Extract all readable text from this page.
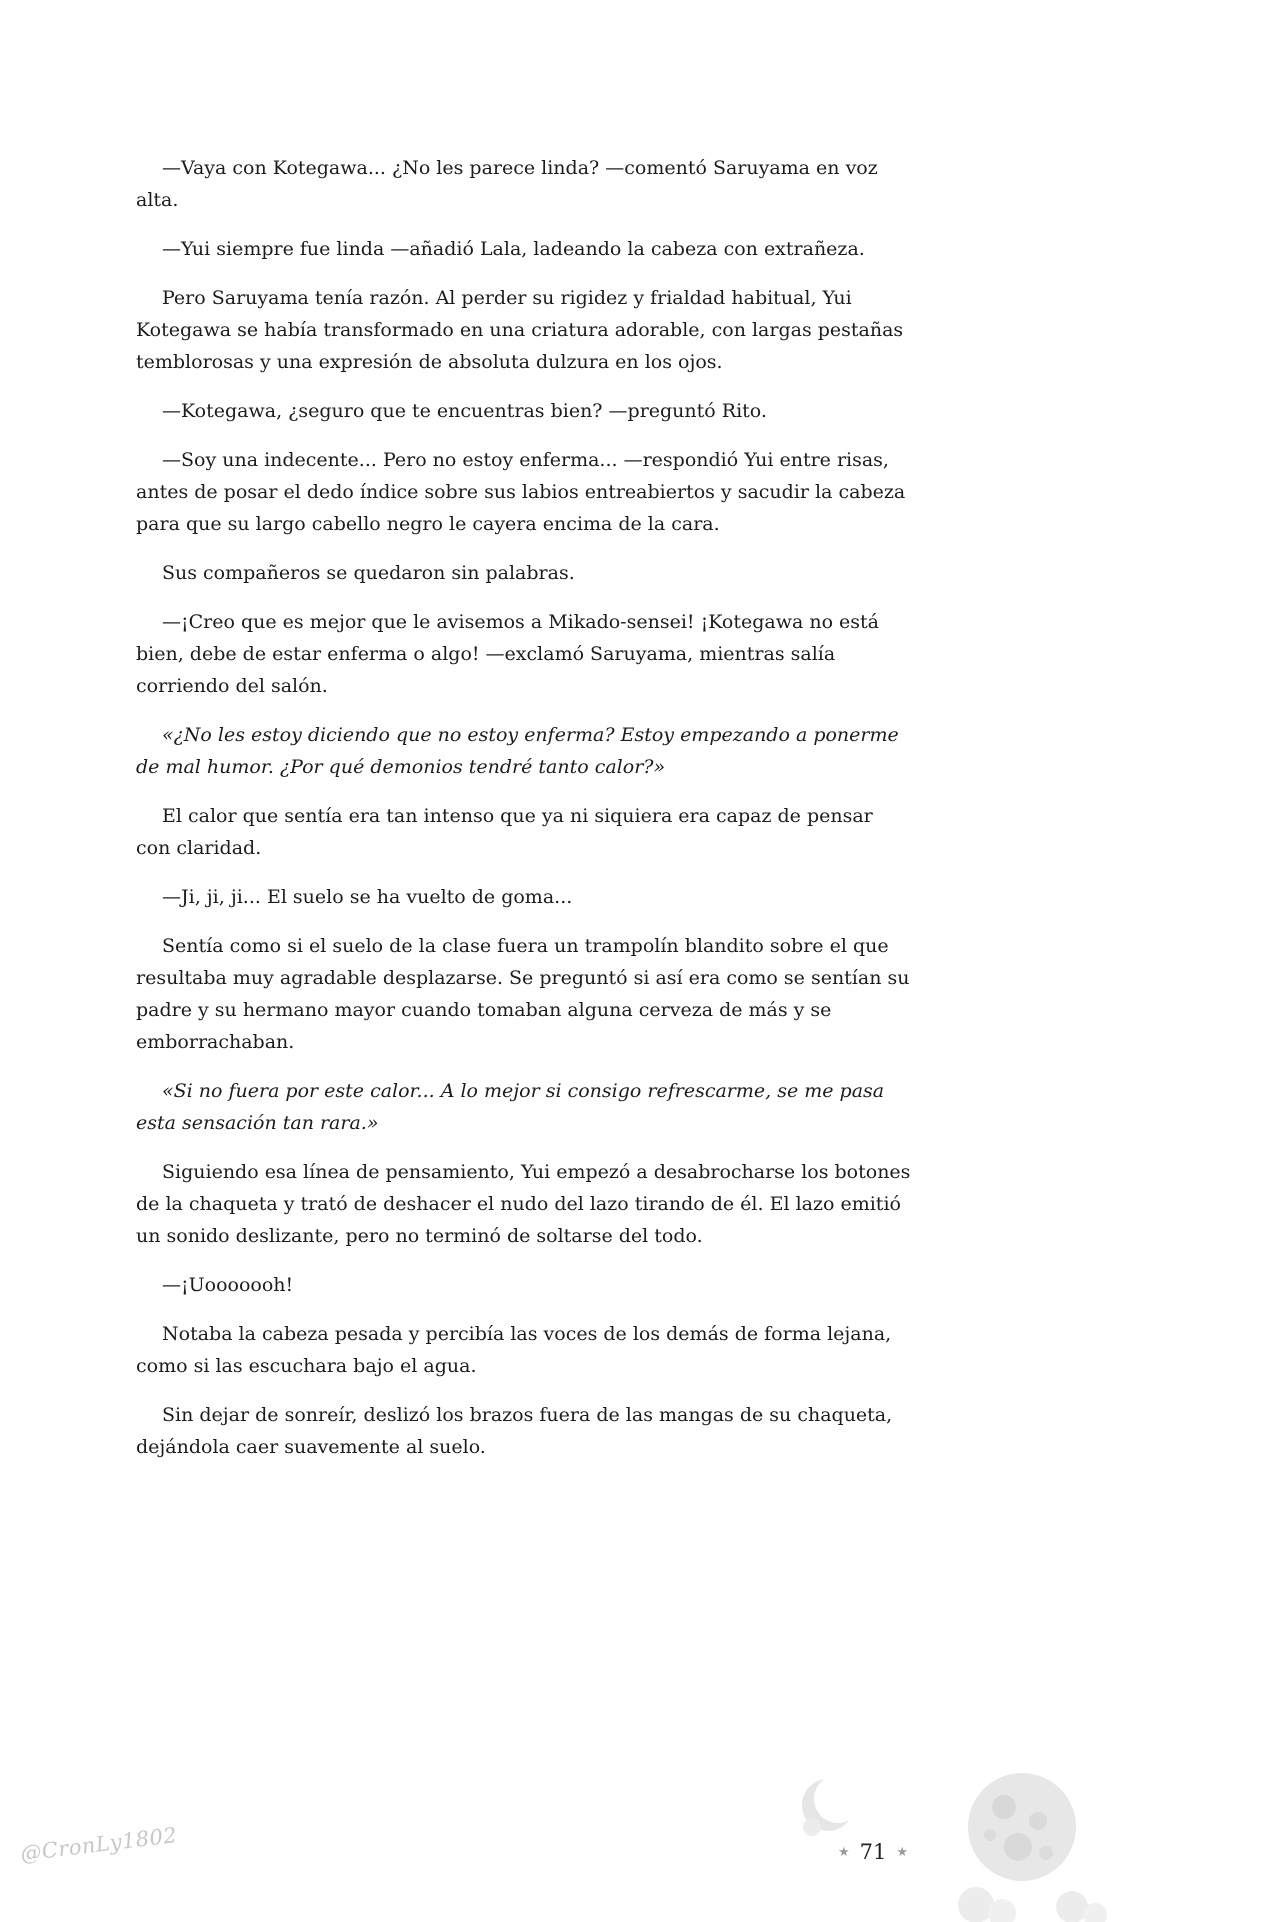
—Vaya con Kotegawa... ¿No les parece linda? —comentó Saruyama en voz alta.

—Yui siempre fue linda —añadió Lala, ladeando la cabeza con extrañeza.

Pero Saruyama tenía razón. Al perder su rigidez y frialdad habitual, Yui Kotegawa se había transformado en una criatura adorable, con largas pestañas temblorosas y una expresión de absoluta dulzura en los ojos.

—Kotegawa, ¿seguro que te encuentras bien? —preguntó Rito.

—Soy una indecente... Pero no estoy enferma... —respondió Yui entre risas, antes de posar el dedo índice sobre sus labios entreabiertos y sacudir la cabeza para que su largo cabello negro le cayera encima de la cara.

Sus compañeros se quedaron sin palabras.

—¡Creo que es mejor que le avisemos a Mikado-sensei! ¡Kotegawa no está bien, debe de estar enferma o algo! —exclamó Saruyama, mientras salía corriendo del salón.

«¿No les estoy diciendo que no estoy enferma? Estoy empezando a ponerme de mal humor. ¿Por qué demonios tendré tanto calor?»

El calor que sentía era tan intenso que ya ni siquiera era capaz de pensar con claridad.

—Ji, ji, ji... El suelo se ha vuelto de goma...

Sentía como si el suelo de la clase fuera un trampolín blandito sobre el que resultaba muy agradable desplazarse. Se preguntó si así era como se sentían su padre y su hermano mayor cuando tomaban alguna cerveza de más y se emborrachaban.

«Si no fuera por este calor... A lo mejor si consigo refrescarme, se me pasa esta sensación tan rara.»

Siguiendo esa línea de pensamiento, Yui empezó a desabrocharse los botones de la chaqueta y trató de deshacer el nudo del lazo tirando de él. El lazo emitió un sonido deslizante, pero no terminó de soltarse del todo.

—¡Uooooooh!

Notaba la cabeza pesada y percibía las voces de los demás de forma lejana, como si las escuchara bajo el agua.

Sin dejar de sonreír, deslizó los brazos fuera de las mangas de su chaqueta, dejándola caer suavemente al suelo.

★ 71 ★
@CronLy1802
